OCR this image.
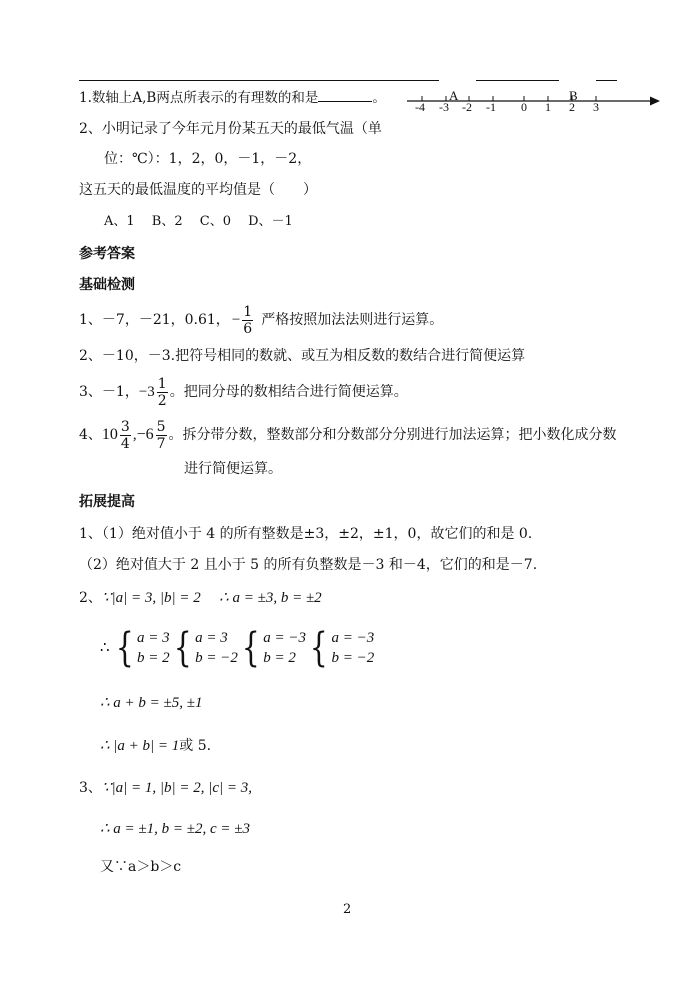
1.数轴上A,B两点所表示的有理数的和是	。	A	B
-4 -3 -2 -1 0 1 2 3
2、小明记录了今年元月份某五天的最低气温（单
位：℃）：1，2，0，－1，－2，
这五天的最低温度的平均值是（　　）
A、1　 B、2　 C、0　 D、－1
参考答案
基础检测
1、－7，－21，0.61， − $\frac{1}{6}$ 严格按照加法法则进行运算。
2、－10，－3.把符号相同的数就、或互为相反数的数结合进行简便运算
3、－1， $-3 \frac{1}{2}$ 。把同分母的数相结合进行简便运算。
4、 $10 \frac{3}{4}$ , $-6 \frac{5}{7}$ 。拆分带分数，整数部分和分数部分分别进行加法运算；把小数化成分数
进行简便运算。
拓展提高
1、（1）绝对值小于 4 的所有整数是±3，±2，±1，0，故它们的和是 0.
（2）绝对值大于 2 且小于 5 的所有负整数是－3 和－4，它们的和是－7.
2、∵|a| = 3, |b| = 2 ∴ a = ±3, b = ±2
∴ { a = 3
b = 2 { a = 3
b = −2 { a = −3
b = 2 { a = −3
b = −2
∴ a + b = ±5, ±1
∴ |a + b| = 1或 5.
3、∵|a| = 1, |b| = 2, |c| = 3,
∴ a = ±1, b = ±2, c = ±3
又∵a＞b＞c
2
